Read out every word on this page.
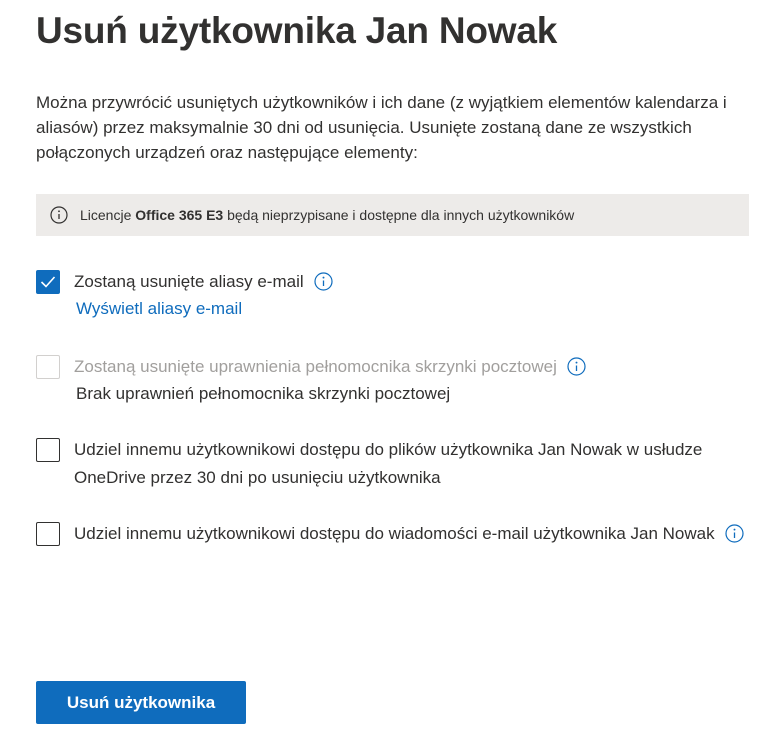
Usuń użytkownika Jan Nowak

Można przywrócić usuniętych użytkowników i ich dane (z wyjątkiem elementów kalendarza i aliasów) przez maksymalnie 30 dni od usunięcia. Usunięte zostaną dane ze wszystkich połączonych urządzeń oraz następujące elementy:

Licencje Office 365 E3 będą nieprzypisane i dostępne dla innych użytkowników
Zostaną usunięte aliasy e-mail
Wyświetl aliasy e-mail
Zostaną usunięte uprawnienia pełnomocnika skrzynki pocztowej
Brak uprawnień pełnomocnika skrzynki pocztowej
Udziel innemu użytkownikowi dostępu do plików użytkownika Jan Nowak w usłudze OneDrive przez 30 dni po usunięciu użytkownika
Udziel innemu użytkownikowi dostępu do wiadomości e-mail użytkownika Jan Nowak
Usuń użytkownika
